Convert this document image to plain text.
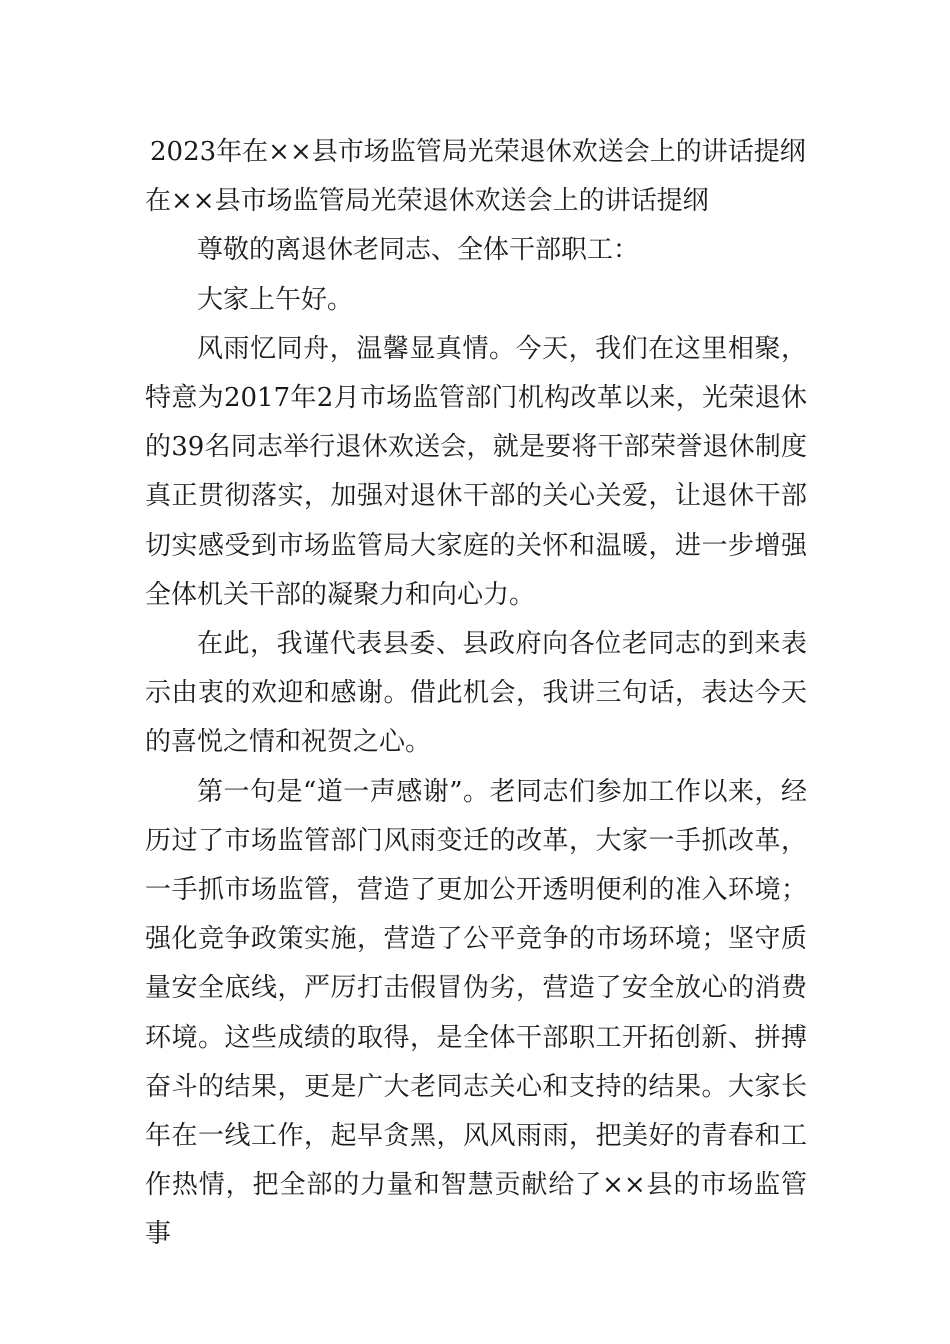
2023年在××县市场监管局光荣退休欢送会上的讲话提纲

在××县市场监管局光荣退休欢送会上的讲话提纲

尊敬的离退休老同志、全体干部职工：

大家上午好。

风雨忆同舟，温馨显真情。今天，我们在这里相聚，特意为2017年2月市场监管部门机构改革以来，光荣退休的39名同志举行退休欢送会，就是要将干部荣誉退休制度真正贯彻落实，加强对退休干部的关心关爱，让退休干部切实感受到市场监管局大家庭的关怀和温暖，进一步增强全体机关干部的凝聚力和向心力。

在此，我谨代表县委、县政府向各位老同志的到来表示由衷的欢迎和感谢。借此机会，我讲三句话，表达今天的喜悦之情和祝贺之心。

第一句是“道一声感谢”。老同志们参加工作以来，经历过了市场监管部门风雨变迁的改革，大家一手抓改革，一手抓市场监管，营造了更加公开透明便利的准入环境；强化竞争政策实施，营造了公平竞争的市场环境；坚守质量安全底线，严厉打击假冒伪劣，营造了安全放心的消费环境。这些成绩的取得，是全体干部职工开拓创新、拼搏奋斗的结果，更是广大老同志关心和支持的结果。大家长年在一线工作，起早贪黑，风风雨雨，把美好的青春和工作热情，把全部的力量和智慧贡献给了××县的市场监管事
